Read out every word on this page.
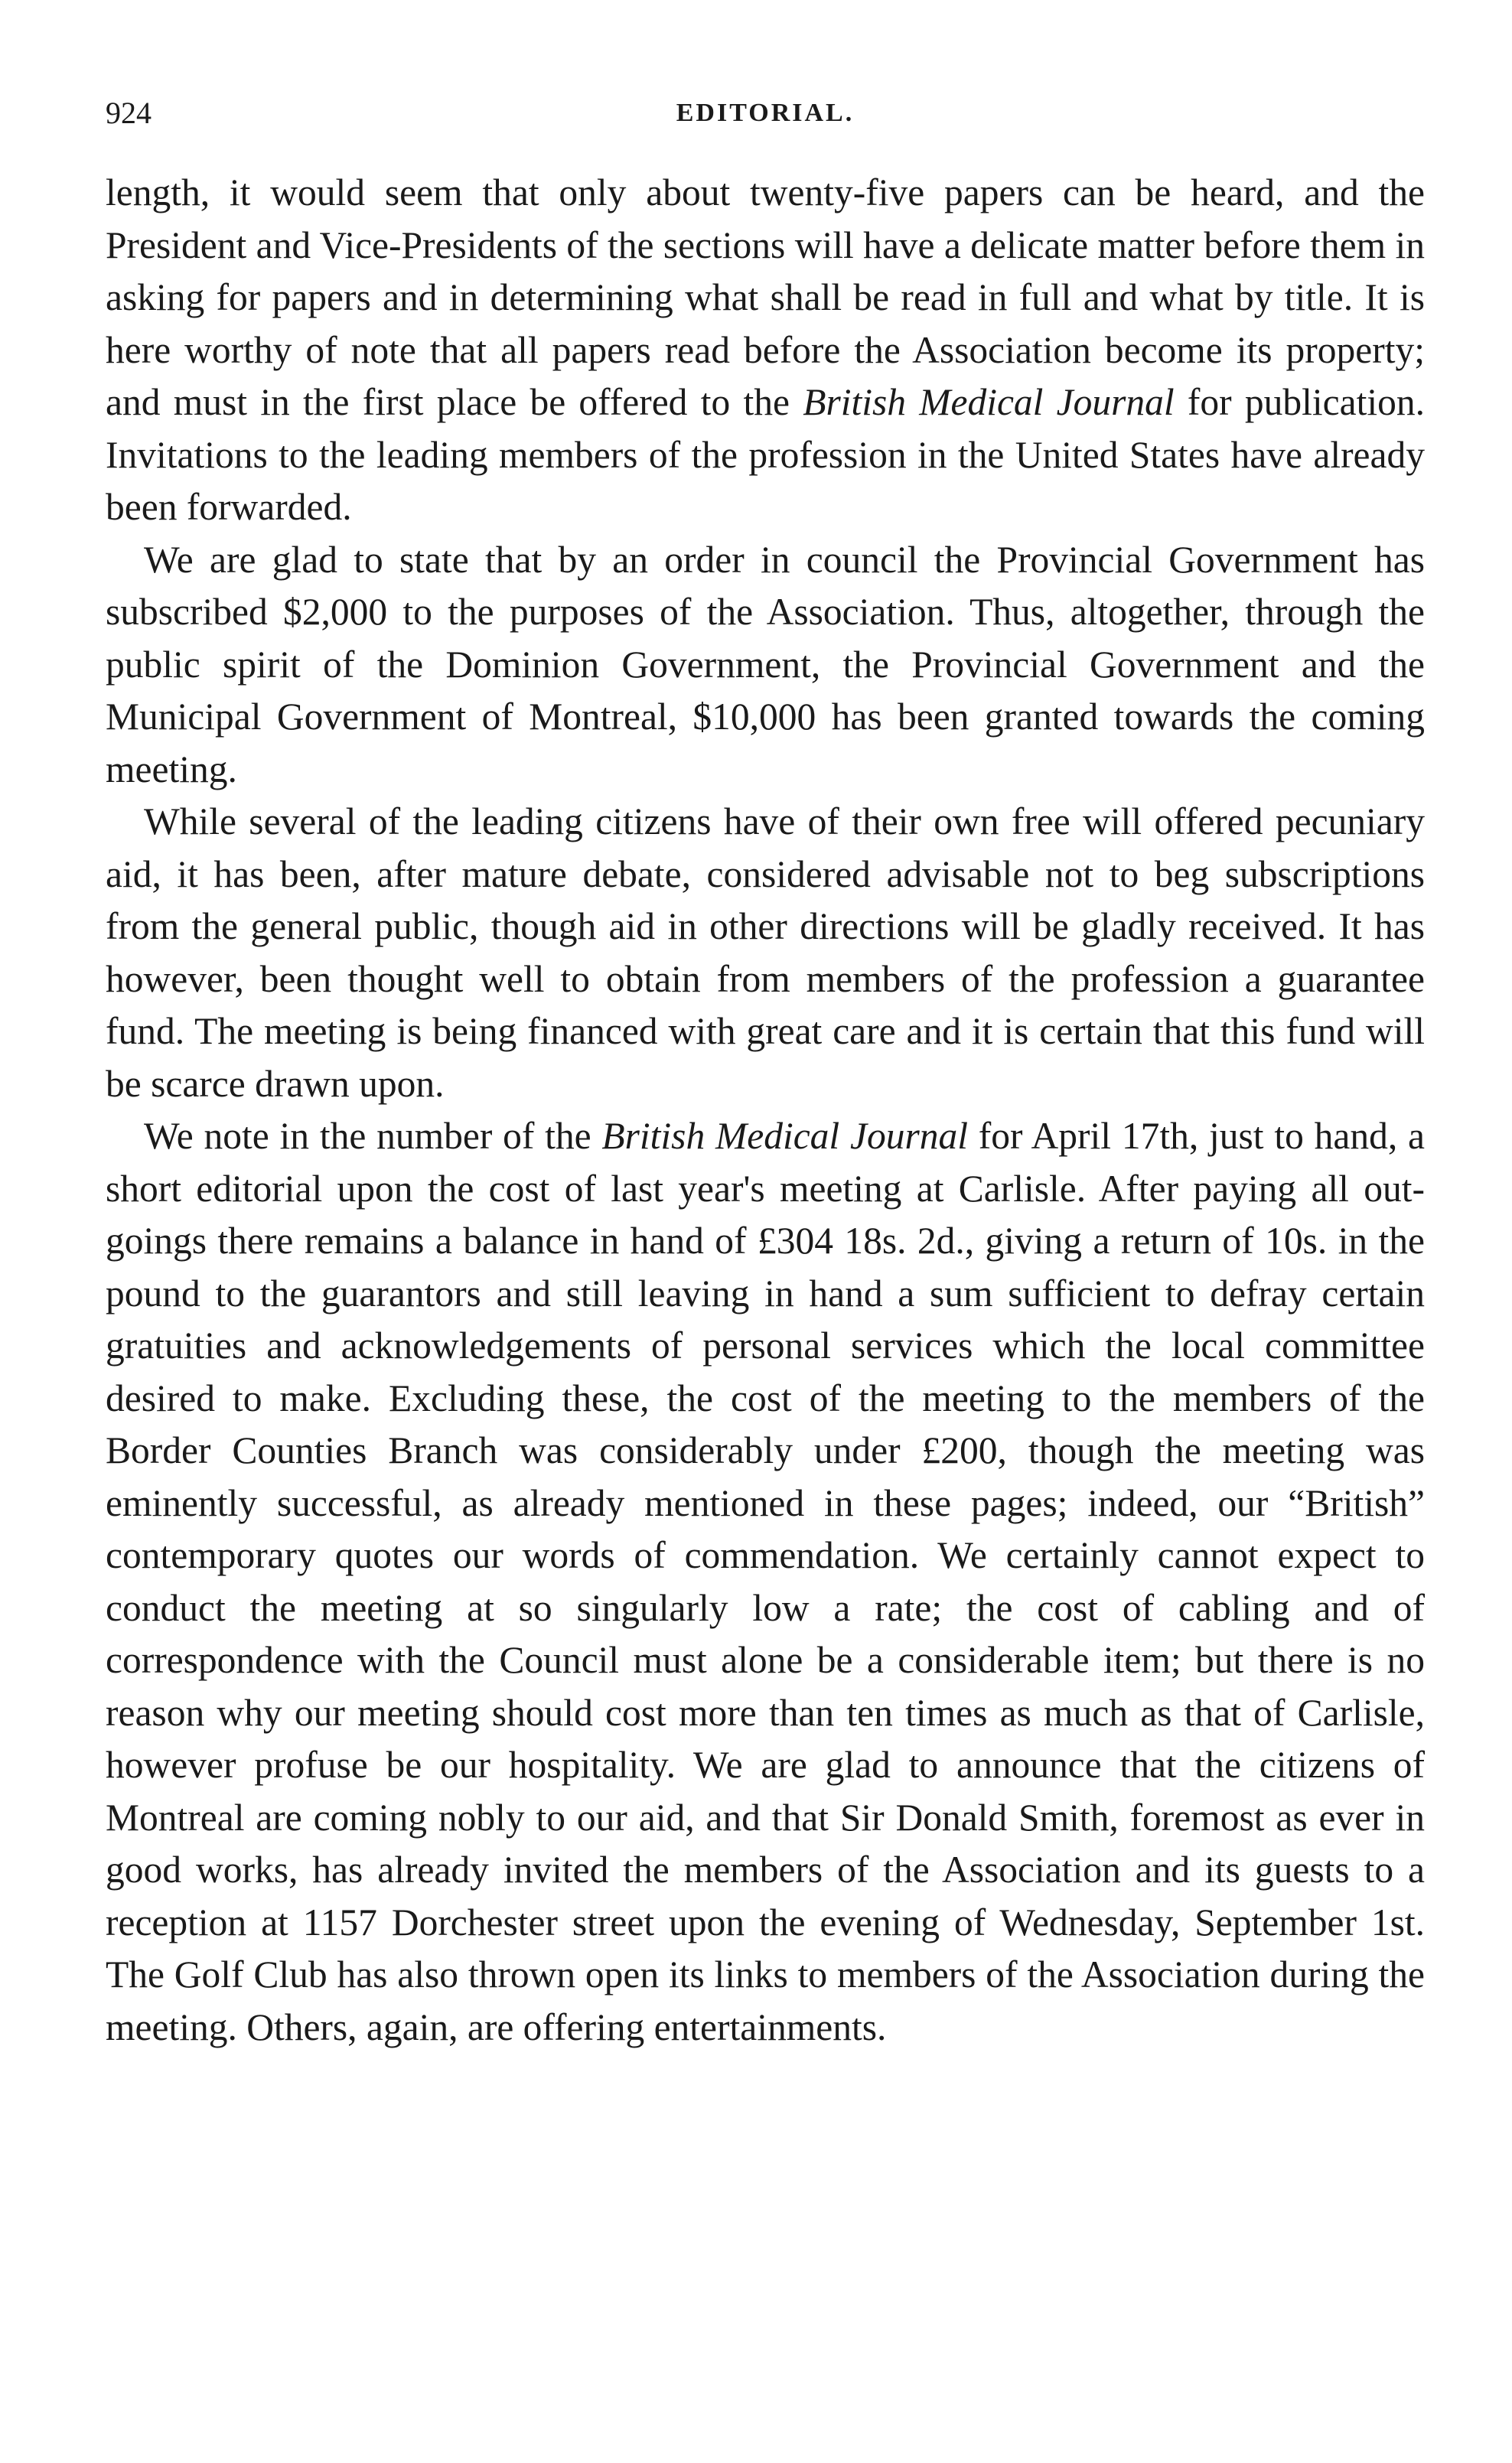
924	EDITORIAL.

length, it would seem that only about twenty-five papers can be heard, and the President and Vice-Presidents of the sections will have a delicate matter before them in asking for papers and in determining what shall be read in full and what by title. It is here worthy of note that all papers read before the Association become its property; and must in the first place be offered to the British Medical Journal for publication. Invitations to the leading members of the profession in the United States have already been forwarded.

We are glad to state that by an order in council the Provincial Government has subscribed $2,000 to the purposes of the Association. Thus, altogether, through the public spirit of the Dominion Government, the Provincial Government and the Municipal Government of Montreal, $10,000 has been granted towards the coming meeting.

While several of the leading citizens have of their own free will offered pecuniary aid, it has been, after mature debate, considered advisable not to beg subscriptions from the general public, though aid in other directions will be gladly received. It has however, been thought well to obtain from members of the profession a guarantee fund. The meeting is being financed with great care and it is certain that this fund will be scarce drawn upon.

We note in the number of the British Medical Journal for April 17th, just to hand, a short editorial upon the cost of last year's meeting at Carlisle. After paying all out-goings there remains a balance in hand of £304 18s. 2d., giving a return of 10s. in the pound to the guarantors and still leaving in hand a sum sufficient to defray certain gratuities and acknowledgements of personal services which the local committee desired to make. Excluding these, the cost of the meeting to the members of the Border Counties Branch was considerably under £200, though the meeting was eminently successful, as already mentioned in these pages; indeed, our “British” contemporary quotes our words of commendation. We certainly cannot expect to conduct the meeting at so singularly low a rate; the cost of cabling and of correspondence with the Council must alone be a considerable item; but there is no reason why our meeting should cost more than ten times as much as that of Carlisle, however profuse be our hospitality. We are glad to announce that the citizens of Montreal are coming nobly to our aid, and that Sir Donald Smith, foremost as ever in good works, has already invited the members of the Association and its guests to a reception at 1157 Dorchester street upon the evening of Wednesday, September 1st. The Golf Club has also thrown open its links to members of the Association during the meeting. Others, again, are offering entertainments.
